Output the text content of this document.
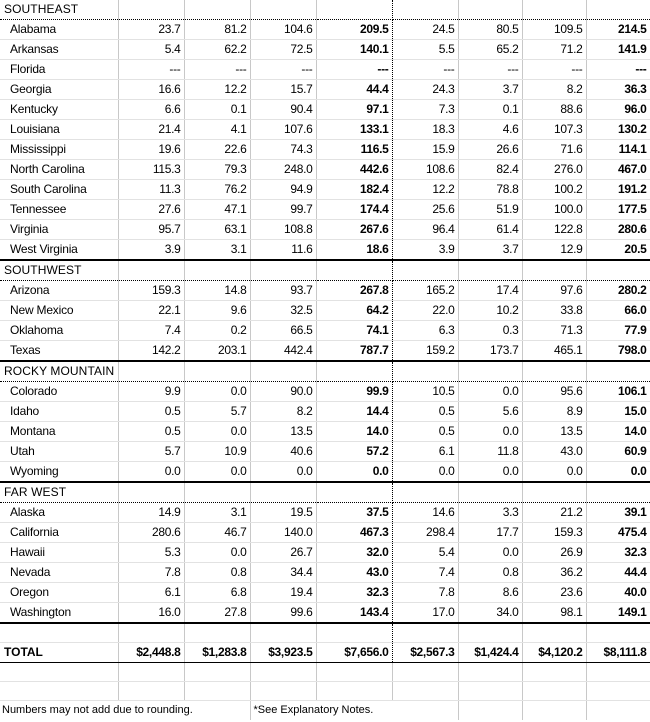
SOUTHEAST								
Alabama	23.7	81.2	104.6	209.5	24.5	80.5	109.5	214.5
Arkansas	5.4	62.2	72.5	140.1	5.5	65.2	71.2	141.9
Florida	---	---	---	---	---	---	---	---
Georgia	16.6	12.2	15.7	44.4	24.3	3.7	8.2	36.3
Kentucky	6.6	0.1	90.4	97.1	7.3	0.1	88.6	96.0
Louisiana	21.4	4.1	107.6	133.1	18.3	4.6	107.3	130.2
Mississippi	19.6	22.6	74.3	116.5	15.9	26.6	71.6	114.1
North Carolina	115.3	79.3	248.0	442.6	108.6	82.4	276.0	467.0
South Carolina	11.3	76.2	94.9	182.4	12.2	78.8	100.2	191.2
Tennessee	27.6	47.1	99.7	174.4	25.6	51.9	100.0	177.5
Virginia	95.7	63.1	108.8	267.6	96.4	61.4	122.8	280.6
West Virginia	3.9	3.1	11.6	18.6	3.9	3.7	12.9	20.5
SOUTHWEST								
Arizona	159.3	14.8	93.7	267.8	165.2	17.4	97.6	280.2
New Mexico	22.1	9.6	32.5	64.2	22.0	10.2	33.8	66.0
Oklahoma	7.4	0.2	66.5	74.1	6.3	0.3	71.3	77.9
Texas	142.2	203.1	442.4	787.7	159.2	173.7	465.1	798.0
ROCKY MOUNTAIN								
Colorado	9.9	0.0	90.0	99.9	10.5	0.0	95.6	106.1
Idaho	0.5	5.7	8.2	14.4	0.5	5.6	8.9	15.0
Montana	0.5	0.0	13.5	14.0	0.5	0.0	13.5	14.0
Utah	5.7	10.9	40.6	57.2	6.1	11.8	43.0	60.9
Wyoming	0.0	0.0	0.0	0.0	0.0	0.0	0.0	0.0
FAR WEST								
Alaska	14.9	3.1	19.5	37.5	14.6	3.3	21.2	39.1
California	280.6	46.7	140.0	467.3	298.4	17.7	159.3	475.4
Hawaii	5.3	0.0	26.7	32.0	5.4	0.0	26.9	32.3
Nevada	7.8	0.8	34.4	43.0	7.4	0.8	36.2	44.4
Oregon	6.1	6.8	19.4	32.3	7.8	8.6	23.6	40.0
Washington	16.0	27.8	99.6	143.4	17.0	34.0	98.1	149.1

TOTAL	$2,448.8	$1,283.8	$3,923.5	$7,656.0	$2,567.3	$1,424.4	$4,120.2	$8,111.8

Numbers may not add due to rounding.			*See Explanatory Notes.					
